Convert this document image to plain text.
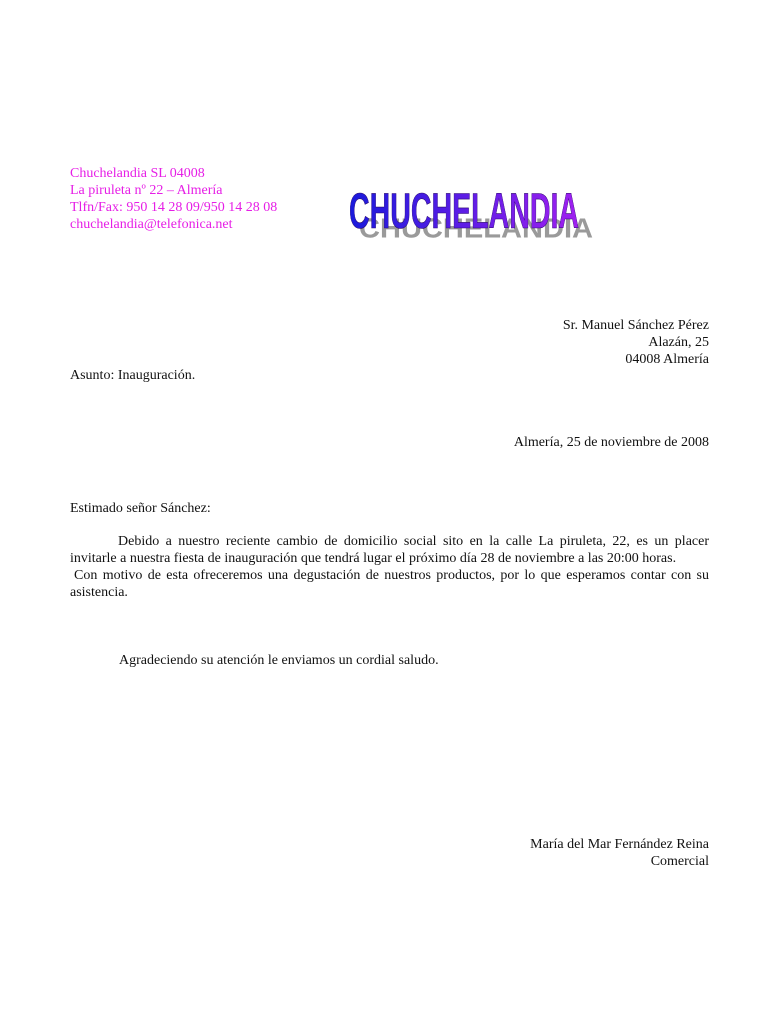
Chuchelandia SL 04008
La piruleta nº 22 – Almería
Tlfn/Fax: 950 14 28 09/950 14 28 08
chuchelandia@telefonica.net	CHUCHELANDIA
CHUCHELANDIA
Sr. Manuel Sánchez Pérez
Alazán, 25
04008 Almería
Asunto: Inauguración.
Almería, 25 de noviembre de 2008
Estimado señor Sánchez:

Debido a nuestro reciente cambio de domicilio social sito en la calle La piruleta, 22, es un placer invitarle a nuestra fiesta de inauguración que tendrá lugar el próximo día 28 de noviembre a las 20:00 horas.

Con motivo de esta ofreceremos una degustación de nuestros productos, por lo que esperamos contar con su asistencia.

Agradeciendo su atención le enviamos un cordial saludo.
María del Mar Fernández Reina
Comercial
